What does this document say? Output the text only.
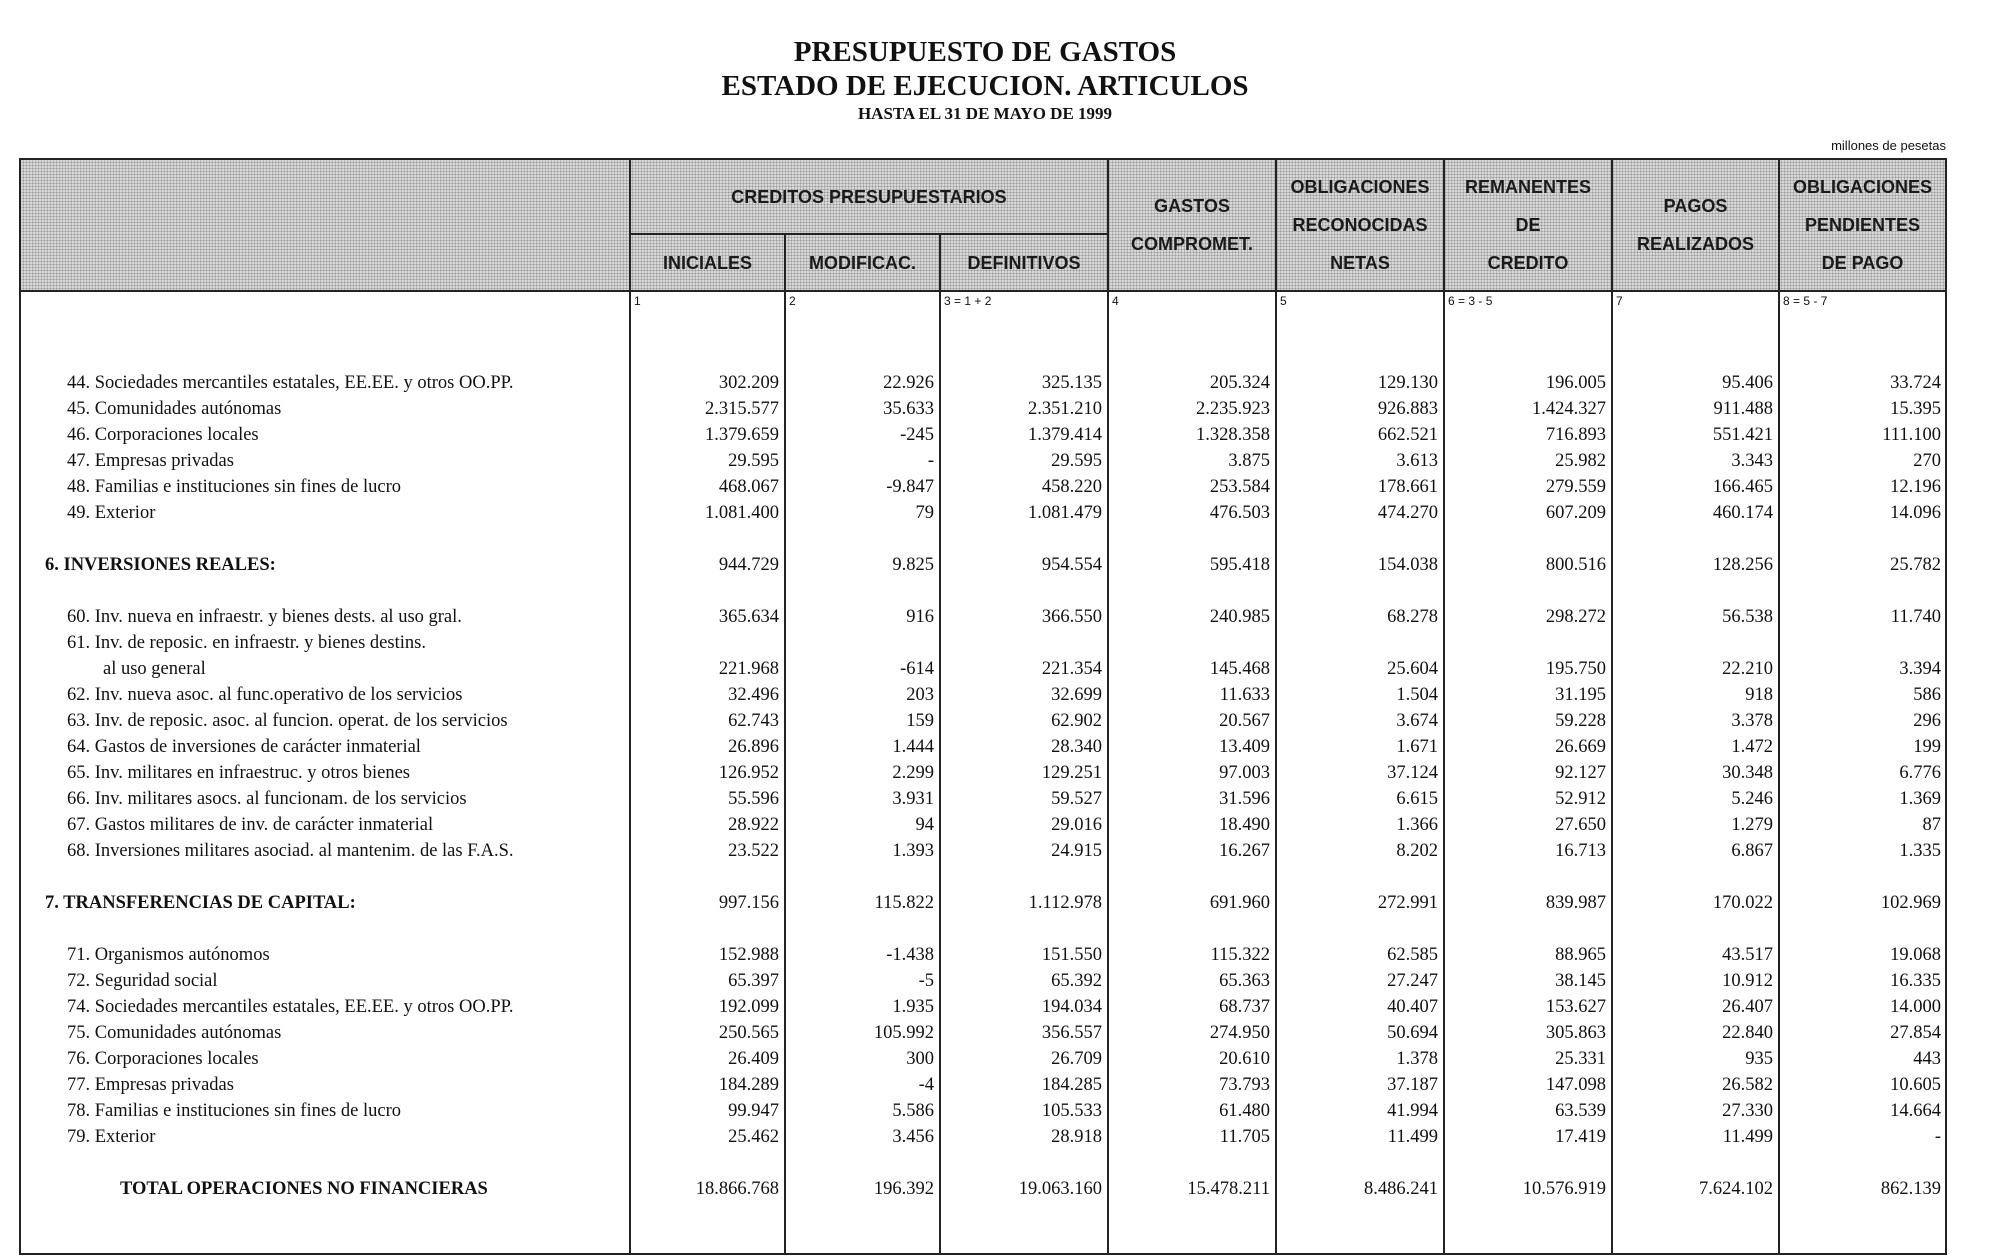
PRESUPUESTO DE GASTOS
ESTADO DE EJECUCION. ARTICULOS
HASTA EL 31 DE MAYO DE 1999
millones de pesetas
CREDITOS PRESUPUESTARIOS
INICIALES	MODIFICAC.	DEFINITIVOS
GASTOS
COMPROMET.
OBLIGACIONES
RECONOCIDAS
NETAS
REMANENTES
DE
CREDITO
PAGOS
REALIZADOS
OBLIGACIONES
PENDIENTES
DE PAGO
1	2	3 = 1 + 2	4	5	6 = 3 - 5	7	8 = 5 - 7
44. Sociedades mercantiles estatales, EE.EE. y otros OO.PP.	302.209	22.926	325.135	205.324	129.130	196.005	95.406	33.724
45. Comunidades autónomas	2.315.577	35.633	2.351.210	2.235.923	926.883	1.424.327	911.488	15.395
46. Corporaciones locales	1.379.659	-245	1.379.414	1.328.358	662.521	716.893	551.421	111.100
47. Empresas privadas	29.595	-	29.595	3.875	3.613	25.982	3.343	270
48. Familias e instituciones sin fines de lucro	468.067	-9.847	458.220	253.584	178.661	279.559	166.465	12.196
49. Exterior	1.081.400	79	1.081.479	476.503	474.270	607.209	460.174	14.096
6. INVERSIONES REALES:	944.729	9.825	954.554	595.418	154.038	800.516	128.256	25.782
60. Inv. nueva en infraestr. y bienes dests. al uso gral.	365.634	916	366.550	240.985	68.278	298.272	56.538	11.740
61. Inv. de reposic. en infraestr. y bienes destins.
al uso general	221.968	-614	221.354	145.468	25.604	195.750	22.210	3.394
62. Inv. nueva asoc. al func.operativo de los servicios	32.496	203	32.699	11.633	1.504	31.195	918	586
63. Inv. de reposic. asoc. al funcion. operat. de los servicios	62.743	159	62.902	20.567	3.674	59.228	3.378	296
64. Gastos de inversiones de carácter inmaterial	26.896	1.444	28.340	13.409	1.671	26.669	1.472	199
65. Inv. militares en infraestruc. y otros bienes	126.952	2.299	129.251	97.003	37.124	92.127	30.348	6.776
66. Inv. militares asocs. al funcionam. de los servicios	55.596	3.931	59.527	31.596	6.615	52.912	5.246	1.369
67. Gastos militares de inv. de carácter inmaterial	28.922	94	29.016	18.490	1.366	27.650	1.279	87
68. Inversiones militares asociad. al mantenim. de las F.A.S.	23.522	1.393	24.915	16.267	8.202	16.713	6.867	1.335
7. TRANSFERENCIAS DE CAPITAL:	997.156	115.822	1.112.978	691.960	272.991	839.987	170.022	102.969
71. Organismos autónomos	152.988	-1.438	151.550	115.322	62.585	88.965	43.517	19.068
72. Seguridad social	65.397	-5	65.392	65.363	27.247	38.145	10.912	16.335
74. Sociedades mercantiles estatales, EE.EE. y otros OO.PP.	192.099	1.935	194.034	68.737	40.407	153.627	26.407	14.000
75. Comunidades autónomas	250.565	105.992	356.557	274.950	50.694	305.863	22.840	27.854
76. Corporaciones locales	26.409	300	26.709	20.610	1.378	25.331	935	443
77. Empresas privadas	184.289	-4	184.285	73.793	37.187	147.098	26.582	10.605
78. Familias e instituciones sin fines de lucro	99.947	5.586	105.533	61.480	41.994	63.539	27.330	14.664
79. Exterior	25.462	3.456	28.918	11.705	11.499	17.419	11.499	-
TOTAL OPERACIONES NO FINANCIERAS	18.866.768	196.392	19.063.160	15.478.211	8.486.241	10.576.919	7.624.102	862.139
